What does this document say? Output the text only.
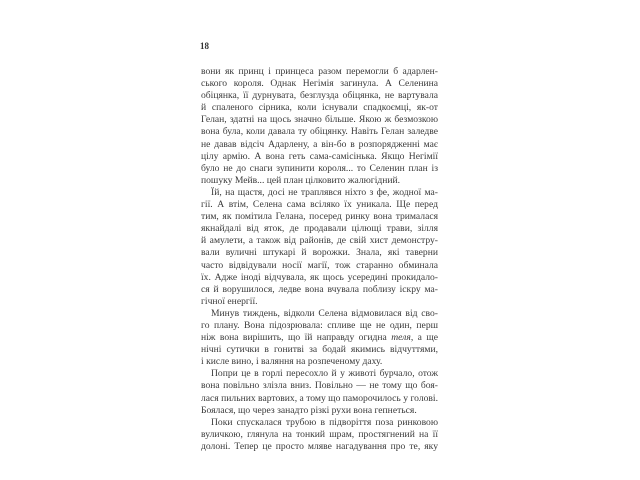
18
вони як принц і принцеса разом перемогли б адарлен-
ського короля. Однак Негімія загинула. А Селенина
обіцянка, її дурнувата, безглузда обіцянка, не вартувала
й спаленого сірника, коли існували спадкоємці, як-от
Гелан, здатні на щось значно більше. Якою ж безмозкою
вона була, коли давала ту обіцянку. Навіть Гелан заледве
не давав відсіч Адарлену, а він-бо в розпорядженні має
цілу армію. А вона геть сама-самісінька. Якщо Негімії
було не до снаги зупинити короля... то Селенин план із
пошуку Мейв... цей план цілковито жалюгідний.
Їй, на щастя, досі не траплявся ніхто з фе, жодної ма-
гії. А втім, Селена сама всіляко їх уникала. Ще перед
тим, як помітила Гелана, посеред ринку вона трималася
якнайдалі від яток, де продавали цілющі трави, зілля
й амулети, а також від районів, де свій хист демонстру-
вали вуличні штукарі й ворожки. Знала, які таверни
часто відвідували носії магії, тож старанно обминала
їх. Адже іноді відчувала, як щось усередині прокидало-
ся й ворушилося, ледве вона вчувала поблизу іскру ма-
гічної енергії.
Минув тиждень, відколи Селена відмовилася від сво-
го плану. Вона підозрювала: спливе ще не один, перш
ніж вона вирішить, що їй направду огидна теля, а ще
нічні сутички в гонитві за бодай якимись відчуттями,
і кисле вино, і валяння на розпеченому даху.
Попри це в горлі пересохло й у животі бурчало, отож
вона повільно злізла вниз. Повільно — не тому що боя-
лася пильних вартових, а тому що паморочилось у голові.
Боялася, що через занадто різкі рухи вона гепнеться.
Поки спускалася трубою в підворіття поза ринковою
вуличкою, глянула на тонкий шрам, простягнений на її
долоні. Тепер це просто мляве нагадування про те, яку
